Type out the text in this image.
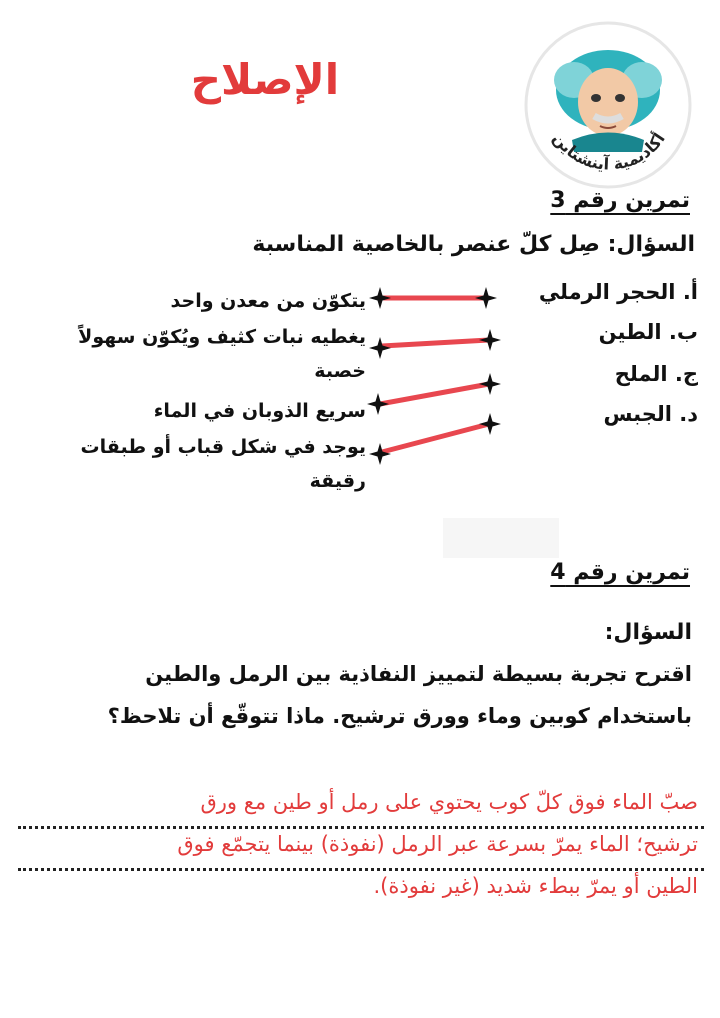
الإصلاح
أكاديمية آينشتاين
تمرين رقم 3
السؤال: صِل كلّ عنصر بالخاصية المناسبة
أ. الحجر الرملي
ب. الطين
ج. الملح
د. الجبس
يتكوّن من معدن واحد
يغطيه نبات كثيف ويُكوّن سهولاً خصبة
سريع الذوبان في الماء
يوجد في شكل قباب أو طبقات رقيقة
تمرين رقم 4
السؤال:
اقترح تجربة بسيطة لتمييز النفاذية بين الرمل والطين
باستخدام كوبين وماء وورق ترشيح. ماذا تتوقّع أن تلاحظ؟
صبّ الماء فوق كلّ كوب يحتوي على رمل أو طين مع ورق
ترشيح؛ الماء يمرّ بسرعة عبر الرمل (نفوذة) بينما يتجمّع فوق
الطين أو يمرّ ببطء شديد (غير نفوذة).
